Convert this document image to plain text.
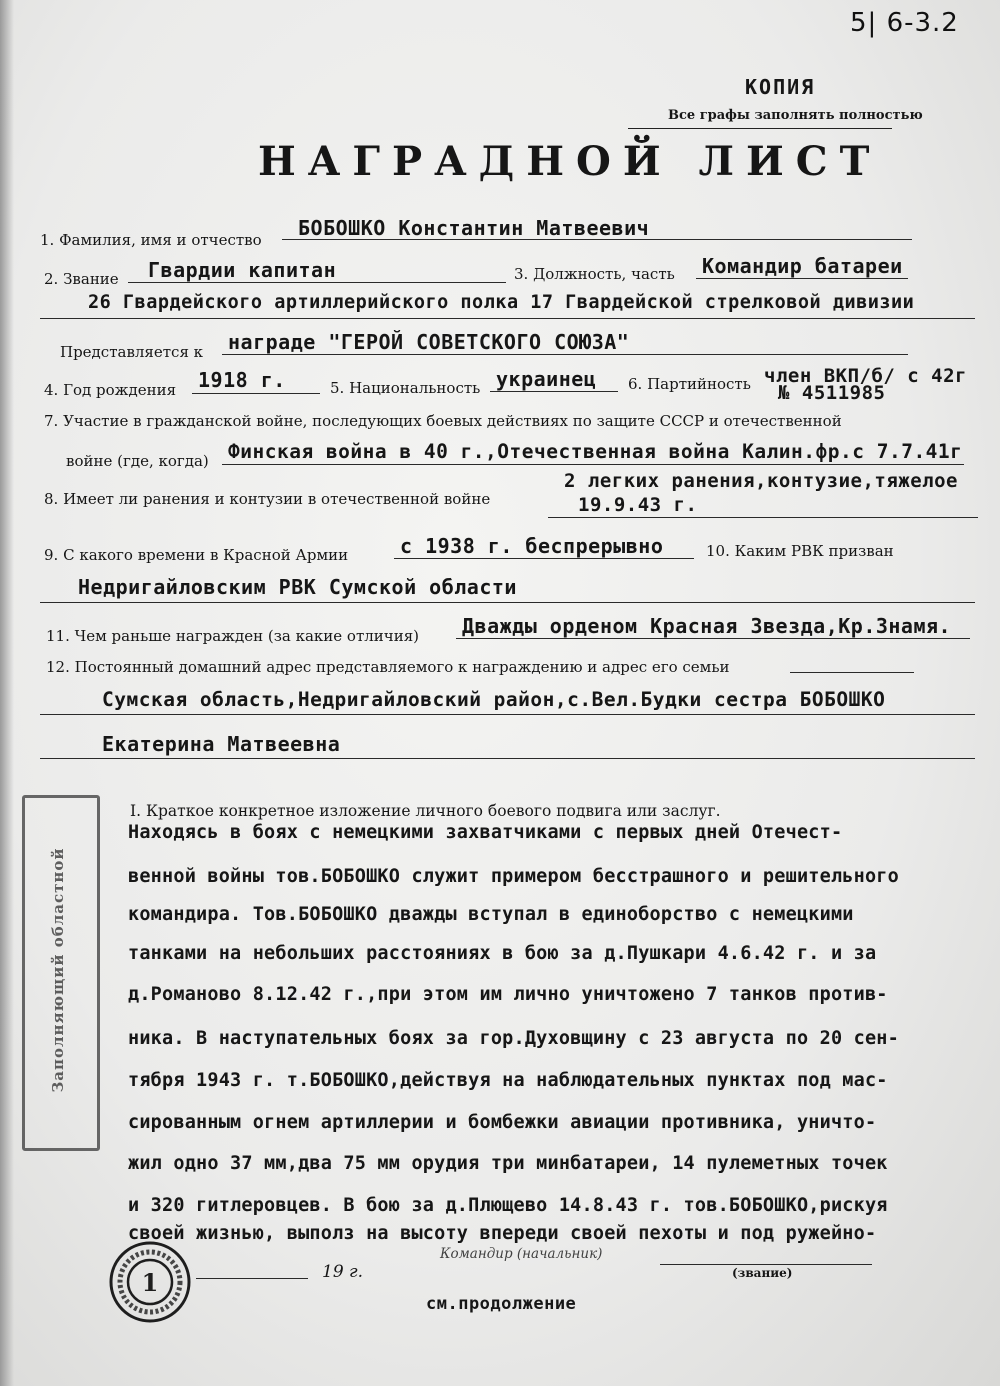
5| 6-3.2
КОПИЯ
Все графы заполнять полностью
НАГРАДНОЙ ЛИСТ
1. Фамилия, имя и отчество БОБОШКО Константин Матвеевич
2. Звание Гвардии капитан	3. Должность, часть Командир батареи
26 Гвардейского артиллерийского полка 17 Гвардейской стрелковой дивизии
Представляется к награде "ГЕРОЙ СОВЕТСКОГО СОЮЗА"
4. Год рождения 1918 г.	5. Национальность украинец 6. Партийность член ВКП/б/ с 42г
№ 4511985
7. Участие в гражданской войне, последующих боевых действиях по защите СССР и отечественной
войне (где, когда) Финская война в 40 г.,Отечественная война Калин.фр.с 7.7.41г
8. Имеет ли ранения и контузии в отечественной войне
2 легких ранения,контузие,тяжелое
19.9.43 г.
9. С какого времени в Красной Армии	с 1938 г. беспрерывно	10. Каким РВК призван
Недригайловским РВК Сумской области
11. Чем раньше награжден (за какие отличия) Дважды орденом Красная Звезда,Кр.Знамя.
12. Постоянный домашний адрес представляемого к награждению и адрес его семьи
Сумская область,Недригайловский район,с.Вел.Будки сестра БОБОШКО
Екатерина Матвеевна
Заполняющий областной
I. Краткое конкретное изложение личного боевого подвига или заслуг.
Находясь в боях с немецкими захватчиками с первых дней Отечест-
венной войны тов.БОБОШКО служит примером бесстрашного и решительного
командира. Тов.БОБОШКО дважды вступал в единоборство с немецкими
танками на небольших расстояниях в бою за д.Пушкари 4.6.42 г. и за
д.Романово 8.12.42 г.,при этом им лично уничтожено 7 танков против-
ника. В наступательных боях за гор.Духовщину с 23 августа по 20 сен-
тября 1943 г. т.БОБОШКО,действуя на наблюдательных пунктах под мас-
сированным огнем артиллерии и бомбежки авиации противника, уничто-
жил одно 37 мм,два 75 мм орудия три минбатареи, 14 пулеметных точек
и 320 гитлеровцев. В бою за д.Плющево 14.8.43 г. тов.БОБОШКО,рискуя
своей жизнью, выполз на высоту впереди своей пехоты и под ружейно-
19 г.
Командир (начальник)
(звание)
см.продолжение
1
